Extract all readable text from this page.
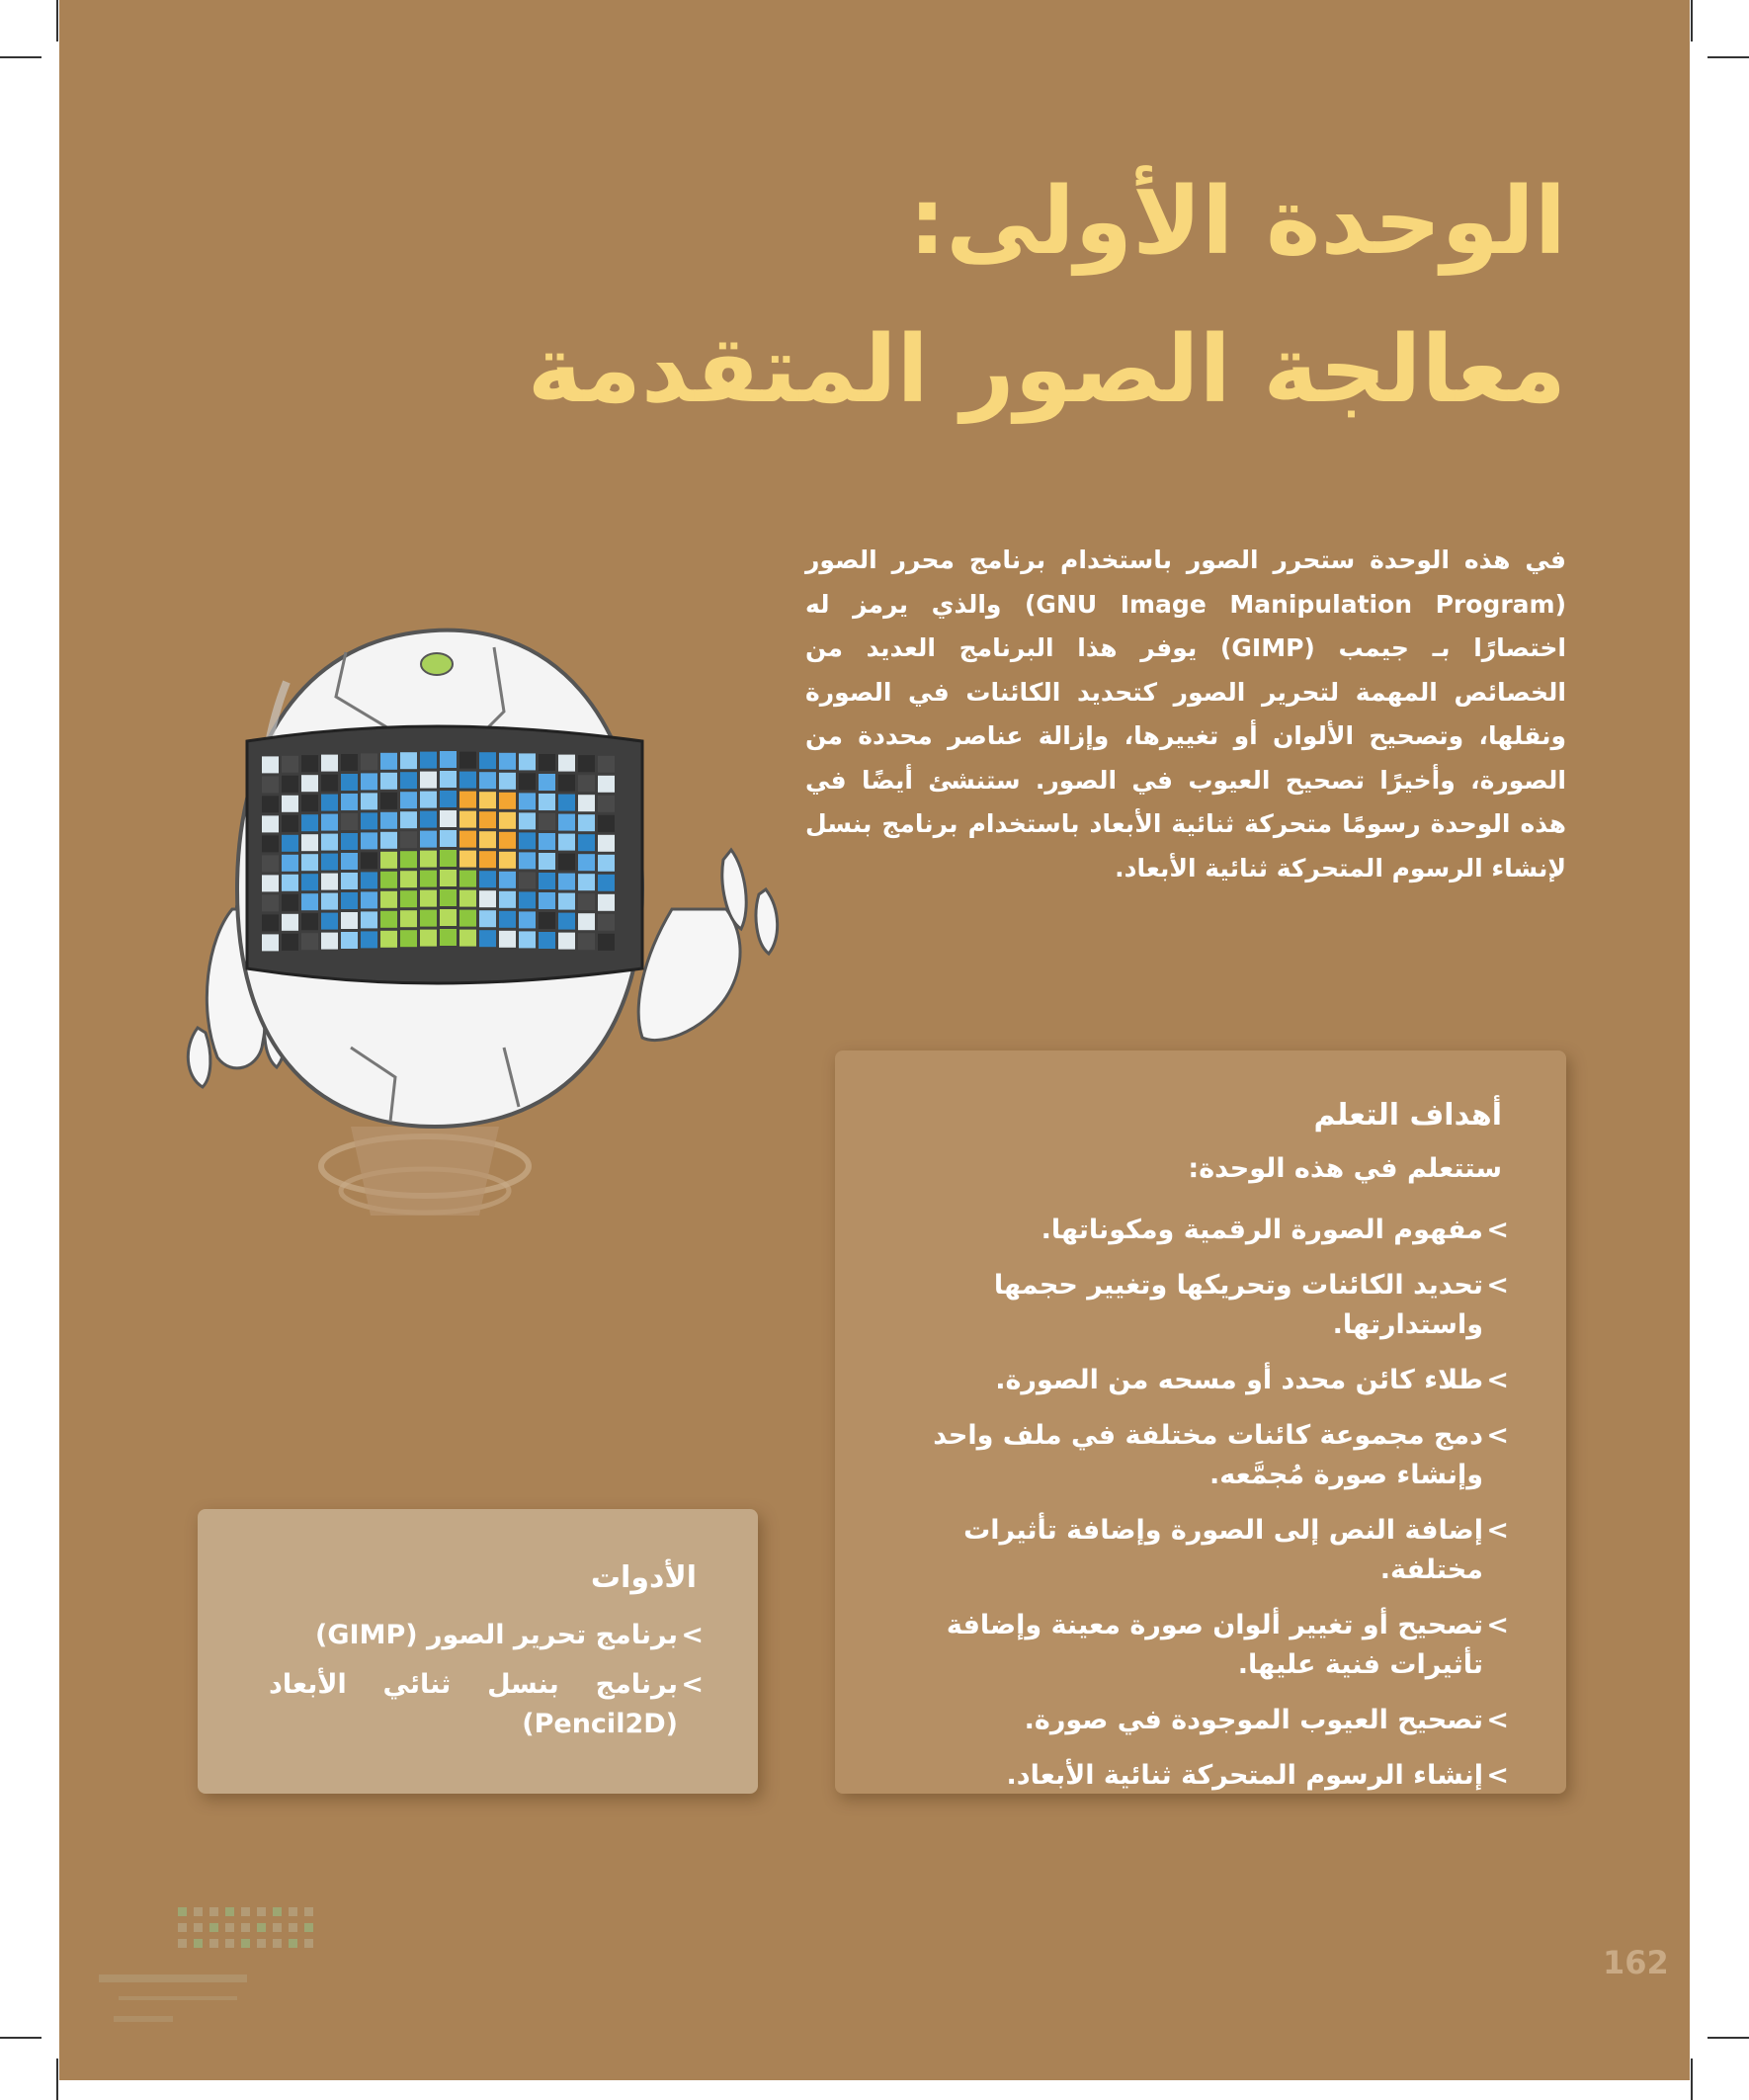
الوحدة الأولى:
معالجة الصور المتقدمة

في هذه الوحدة ستحرر الصور باستخدام برنامج محرر الصور (GNU Image Manipulation Program) والذي يرمز له اختصارًا بـ جيمب (GIMP) يوفر هذا البرنامج العديد من الخصائص المهمة لتحرير الصور كتحديد الكائنات في الصورة ونقلها، وتصحيح الألوان أو تغييرها، وإزالة عناصر محددة من الصورة، وأخيرًا تصحيح العيوب في الصور. ستنشئ أيضًا في هذه الوحدة رسومًا متحركة ثنائية الأبعاد باستخدام برنامج بنسل لإنشاء الرسوم المتحركة ثنائية الأبعاد.

أهداف التعلم

ستتعلم في هذه الوحدة:

>
مفهوم الصورة الرقمية ومكوناتها.
>
تحديد الكائنات وتحريكها وتغيير حجمها واستدارتها.
>
طلاء كائن محدد أو مسحه من الصورة.
>
دمج مجموعة كائنات مختلفة في ملف واحد وإنشاء صورة مُجمَّعه.
>
إضافة النص إلى الصورة وإضافة تأثيرات مختلفة.
>
تصحيح أو تغيير ألوان صورة معينة وإضافة تأثيرات فنية عليها.
>
تصحيح العيوب الموجودة في صورة.
>
إنشاء الرسوم المتحركة ثنائية الأبعاد.
الأدوات
>
برنامج تحرير الصور (GIMP)
>
برنامج بنسل ثنائي الأبعاد (Pencil2D)
162
